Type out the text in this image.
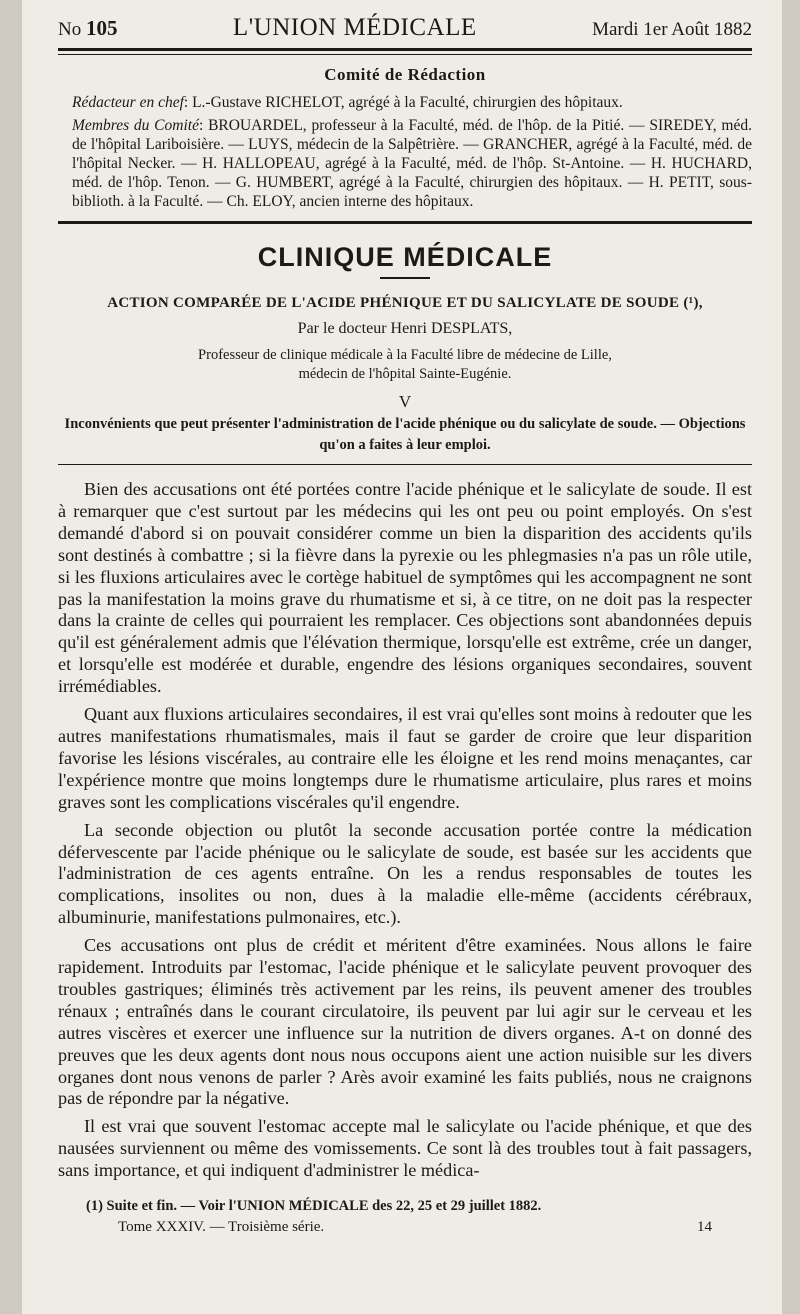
No 105	L'UNION MÉDICALE	Mardi 1er Août 1882
Comité de Rédaction
Rédacteur en chef: L.-Gustave RICHELOT, agrégé à la Faculté, chirurgien des hôpitaux.
Membres du Comité: BROUARDEL, professeur à la Faculté, méd. de l'hôp. de la Pitié. — SIREDEY, méd. de l'hôpital Lariboisière. — LUYS, médecin de la Salpêtrière. — GRANCHER, agrégé à la Faculté, méd. de l'hôpital Necker. — H. HALLOPEAU, agrégé à la Faculté, méd. de l'hôp. St-Antoine. — H. HUCHARD, méd. de l'hôp. Tenon. — G. HUMBERT, agrégé à la Faculté, chirurgien des hôpitaux. — H. PETIT, sous-biblioth. à la Faculté. — Ch. ELOY, ancien interne des hôpitaux.
CLINIQUE MÉDICALE
ACTION COMPARÉE DE L'ACIDE PHÉNIQUE ET DU SALICYLATE DE SOUDE (¹),
Par le docteur Henri DESPLATS,
Professeur de clinique médicale à la Faculté libre de médecine de Lille,
médecin de l'hôpital Sainte-Eugénie.
V
Inconvénients que peut présenter l'administration de l'acide phénique ou du salicylate de soude. — Objections qu'on a faites à leur emploi.

Bien des accusations ont été portées contre l'acide phénique et le salicylate de soude. Il est à remarquer que c'est surtout par les médecins qui les ont peu ou point employés. On s'est demandé d'abord si on pouvait considérer comme un bien la disparition des accidents qu'ils sont destinés à combattre ; si la fièvre dans la pyrexie ou les phlegmasies n'a pas un rôle utile, si les fluxions articulaires avec le cortège habituel de symptômes qui les accompagnent ne sont pas la manifestation la moins grave du rhumatisme et si, à ce titre, on ne doit pas la respecter dans la crainte de celles qui pourraient les remplacer. Ces objections sont abandonnées depuis qu'il est généralement admis que l'élévation thermique, lorsqu'elle est extrême, crée un danger, et lorsqu'elle est modérée et durable, engendre des lésions organiques secondaires, souvent irrémédiables.

Quant aux fluxions articulaires secondaires, il est vrai qu'elles sont moins à redouter que les autres manifestations rhumatismales, mais il faut se garder de croire que leur disparition favorise les lésions viscérales, au contraire elle les éloigne et les rend moins menaçantes, car l'expérience montre que moins longtemps dure le rhumatisme articulaire, plus rares et moins graves sont les complications viscérales qu'il engendre.

La seconde objection ou plutôt la seconde accusation portée contre la médication défervescente par l'acide phénique ou le salicylate de soude, est basée sur les accidents que l'administration de ces agents entraîne. On les a rendus responsables de toutes les complications, insolites ou non, dues à la maladie elle-même (accidents cérébraux, albuminurie, manifestations pulmonaires, etc.).

Ces accusations ont plus de crédit et méritent d'être examinées. Nous allons le faire rapidement. Introduits par l'estomac, l'acide phénique et le salicylate peuvent provoquer des troubles gastriques; éliminés très activement par les reins, ils peuvent amener des troubles rénaux ; entraînés dans le courant circulatoire, ils peuvent par lui agir sur le cerveau et les autres viscères et exercer une influence sur la nutrition de divers organes. A-t on donné des preuves que les deux agents dont nous nous occupons aient une action nuisible sur les divers organes dont nous venons de parler ? Arès avoir examiné les faits publiés, nous ne craignons pas de répondre par la négative.

Il est vrai que souvent l'estomac accepte mal le salicylate ou l'acide phénique, et que des nausées surviennent ou même des vomissements. Ce sont là des troubles tout à fait passagers, sans importance, et qui indiquent d'administrer le médica-

(1) Suite et fin. — Voir l'UNION MÉDICALE des 22, 25 et 29 juillet 1882.
Tome XXXIV. — Troisième série.	14
